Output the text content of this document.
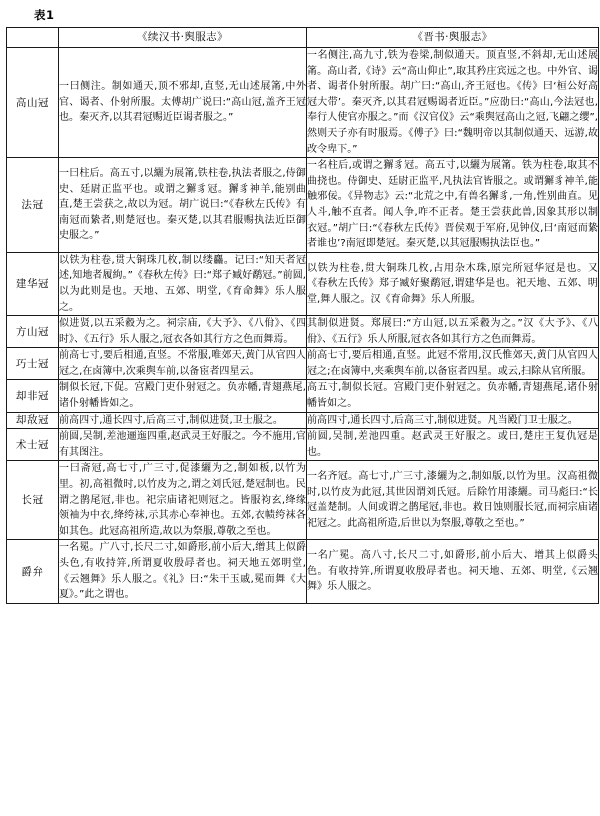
表1
	《续汉书·舆服志》	《晋书·舆服志》
高山冠	一曰侧注。制如通天,顶不邪却,直竖,无山述展筩,中外官、谒者、仆射所服。太傅胡广说曰:“高山冠,盖齐王冠也。秦灭齐,以其君冠赐近臣谒者服之。”	一名侧注,高九寸,铁为卷梁,制似通天。顶直竖,不斜却,无山述展筩。高山者,《诗》云“高山仰止”,取其矜庄宾远之也。中外官、谒者、谒者仆射所服。胡广曰:“高山,齐王冠也。《传》曰‘桓公好高冠大带’。秦灭齐,以其君冠赐谒者近臣。”应劭曰:“高山,今法冠也,奉行人使官亦服之。”而《汉官仪》云“乘舆冠高山之冠,飞翩之缨”,然则天子亦有时服焉。《傅子》曰:“魏明帝以其制似通天、远游,故改令卑下。”

法冠	一曰柱后。高五寸,以纚为展筩,铁柱卷,执法者服之,侍御史、廷尉正监平也。或谓之獬豸冠。獬豸神羊,能别曲直,楚王尝获之,故以为冠。胡广说曰:“《春秋左氏传》有南冠而絷者,则楚冠也。秦灭楚,以其君服赐执法近臣御史服之。”	一名柱后,或谓之獬豸冠。高五寸,以纚为展筩。铁为柱卷,取其不曲挠也。侍御史、廷尉正监平,凡执法官皆服之。或谓獬豸神羊,能触邪佞。《异物志》云:“北荒之中,有兽名獬豸,一角,性别曲直。见人斗,触不直者。闻人争,咋不正者。楚王尝获此兽,因象其形以制衣冠。”胡广曰:“《春秋左氏传》晋侯观于军府,见钟仪,曰‘南冠而絷者谁也’?南冠即楚冠。秦灭楚,以其冠服赐执法臣也。”

建华冠	以铁为柱卷,贯大铜珠几枚,制以缕麤。记曰:“知天者冠述,知地者履絇。”《春秋左传》曰:“郑子臧好鹬冠。”前圆,以为此则是也。天地、五郊、明堂,《育命舞》乐人服之。	以铁为柱卷,贯大铜珠几枚,占用杂木珠,原完所冠华冠是也。又《春秋左氏传》郑子臧好聚鹬冠,谓建华是也。祀天地、五郊、明堂,舞人服之。汉《育命舞》乐人所服。

方山冠	似进贤,以五采縠为之。祠宗庙,《大予》、《八佾》、《四时》、《五行》乐人服之,冠衣各如其行方之色而舞焉。	其制似进贤。郑展曰:“方山冠,以五采縠为之。”汉《大予》、《八佾》、《五行》乐人所服,冠衣各如其行方之色而舞焉。

巧士冠	前高七寸,要后相通,直竖。不常服,唯郊天,黄门从官四人冠之,在卤簿中,次乘舆车前,以备宦者四星云。	前高七寸,要后相通,直竖。此冠不常用,汉氏惟郊天,黄门从官四人冠之;在卤簿中,夹乘舆车前,以备宦者四星。或云,扫除从官所服。

却非冠	制似长冠,下促。宫殿门吏仆射冠之。负赤幡,青翅燕尾,诸仆射幡皆如之。	高五寸,制似长冠。宫殿门吏仆射冠之。负赤幡,青翅燕尾,诸仆射幡皆如之。

却敌冠	前高四寸,通长四寸,后高三寸,制似进贤,卫士服之。	前高四寸,通长四寸,后高三寸,制似进贤。凡当殿门卫士服之。

术士冠	前圆,吴制,差池逦迤四重,赵武灵王好服之。今不施用,官有其图注。	前圆,吴制,差池四重。赵武灵王好服之。或曰,楚庄王复仇冠是也。

长冠	一曰斋冠,高七寸,广三寸,促漆纚为之,制如板,以竹为里。初,高祖微时,以竹皮为之,谓之刘氏冠,楚冠制也。民谓之鹊尾冠,非也。祀宗庙诸祀则冠之。皆服袀玄,绛缘领袖为中衣,绛绔袜,示其赤心奉神也。五郊,衣帻绔袜各如其色。此冠高祖所造,故以为祭服,尊敬之至也。	一名齐冠。高七寸,广三寸,漆纚为之,制如版,以竹为里。汉高祖微时,以竹皮为此冠,其世因谓刘氏冠。后除竹用漆纚。司马彪曰:“长冠盖楚制。人间或谓之鹊尾冠,非也。救日蚀则服长冠,而祠宗庙诸祀冠之。此高祖所造,后世以为祭服,尊敬之至也。”

爵弁	一名冕。广八寸,长尺二寸,如爵形,前小后大,缯其上似爵头色,有收持笄,所谓夏收殷冔者也。祠天地五郊明堂,《云翘舞》乐人服之。《礼》曰:“朱干玉戚,冕而舞《大夏》。”此之谓也。	一名广冕。高八寸,长尺二寸,如爵形,前小后大、增其上似爵头色。有收持笄,所谓夏收殷冔者也。祠天地、五郊、明堂,《云翘舞》乐人服之。
